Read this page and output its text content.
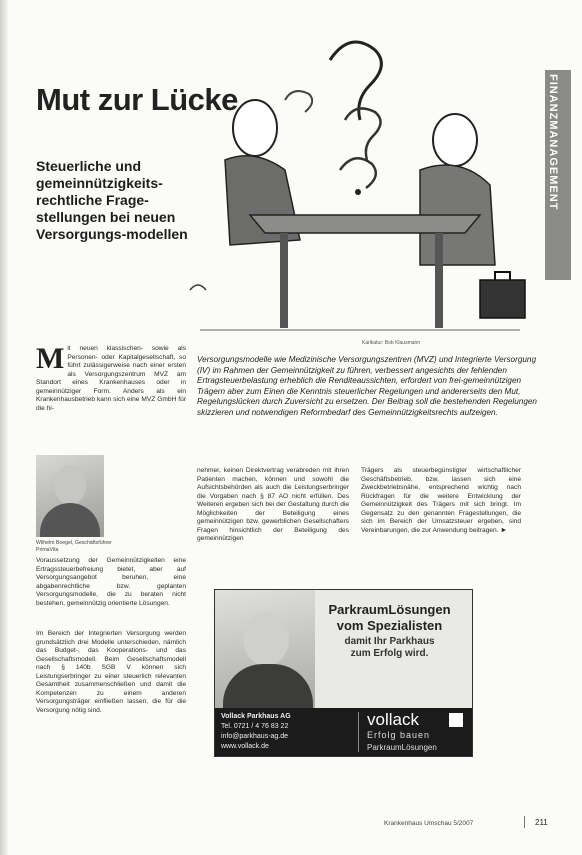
Karikatur: Bob Klausmann
Mut zur Lücke
Steuerliche und gemeinnützigkeits-rechtliche Frage-stellungen bei neuen Versorgungs-modellen
FINANZMANAGEMENT
Mit neuen klassischen- sowie als Personen- oder Kapitalgesellschaft, so führt zulässigerweise nach einer ersten als Versorgungszentrum MVZ am Standort eines Krankenhauses oder in gemeinnütziger Form. Anders als ein Krankenhausbetrieb kann sich eine MVZ GmbH für die hi-
Versorgungsmodelle wie Medizinische Versorgungszentren (MVZ) und Integrierte Versorgung (IV) im Rahmen der Gemeinnützigkeit zu führen, verbessert angesichts der fehlenden Ertragsteuerbelastung erheblich die Renditeaussichten, erfordert von frei-gemeinnützigen Trägern aber zum Einen die Kenntnis steuerlicher Regelungen und andererseits den Mut, Regelungslücken durch Zuversicht zu ersetzen. Der Beitrag soll die bestehenden Regelungen skizzieren und notwendigen Reformbedarf des Gemeinnützigkeitsrechts aufzeigen.
Wilhelm Boegel, Geschäftsführer PrimaVita
Voraussetzung der Gemeinnützigkeiten eine Ertragssteuerbefreiung bietet, aber auf Versorgungsangebot beruhen, eine abgabenrechtliche bzw. geplanten Versorgungsmodelle, die zu beraten nicht bestehen, gemeinnützig orientierte Lösungen.
Im Bereich der Integrierten Versorgung werden grundsätzlich drei Modelle unterschieden, nämlich das Budget-, das Kooperations- und das Gesellschaftsmodell. Beim Gesellschaftsmodell nach § 140b SGB V können sich Leistungserbringer zu einer steuerlich relevanten Gesamtheit zusammenschließen und damit die Kompetenzen zu einem anderen Versorgungsträger einfließen lassen, die für die Versorgung nötig sind.
nehmer, keinen Direktvertrag verabreden mit ihren Patienten machen, können und sowohl die Aufsichtsbehörden als auch die Leistungserbringer die Vorgaben nach § 87 AO nicht erfüllen. Des Weiteren ergeben sich bei der Gestaltung durch die Möglichkeiten der Beteiligung eines gemeinnützigen bzw. gewerblichen Gesellschafters Fragen hinsichtlich der Beteiligung des gemeinnützigen
Trägers als steuerbegünstigter wirtschaftlicher Geschäftsbetrieb, bzw. lassen sich eine Zweckbetriebsnähe, entsprechend wichtig nach Rückfragen für die weitere Entwicklung der Gemeinnützigkeit des Trägers mit sich bringt. Im Gegensatz zu den genannten Fragestellungen, die sich im Bereich der Umsatzsteuer ergeben, sind Vereinbarungen, die zur Anwendung beitragen. ►
ParkraumLösungen
vom Spezialisten
damit Ihr Parkhaus
zum Erfolg wird.
Vollack Parkhaus AG
Tel. 0721 / 4 76 83 22
info@parkhaus-ag.de
www.vollack.de
vollack
Erfolg bauen
ParkraumLösungen
Krankenhaus Umschau 5/2007	211
